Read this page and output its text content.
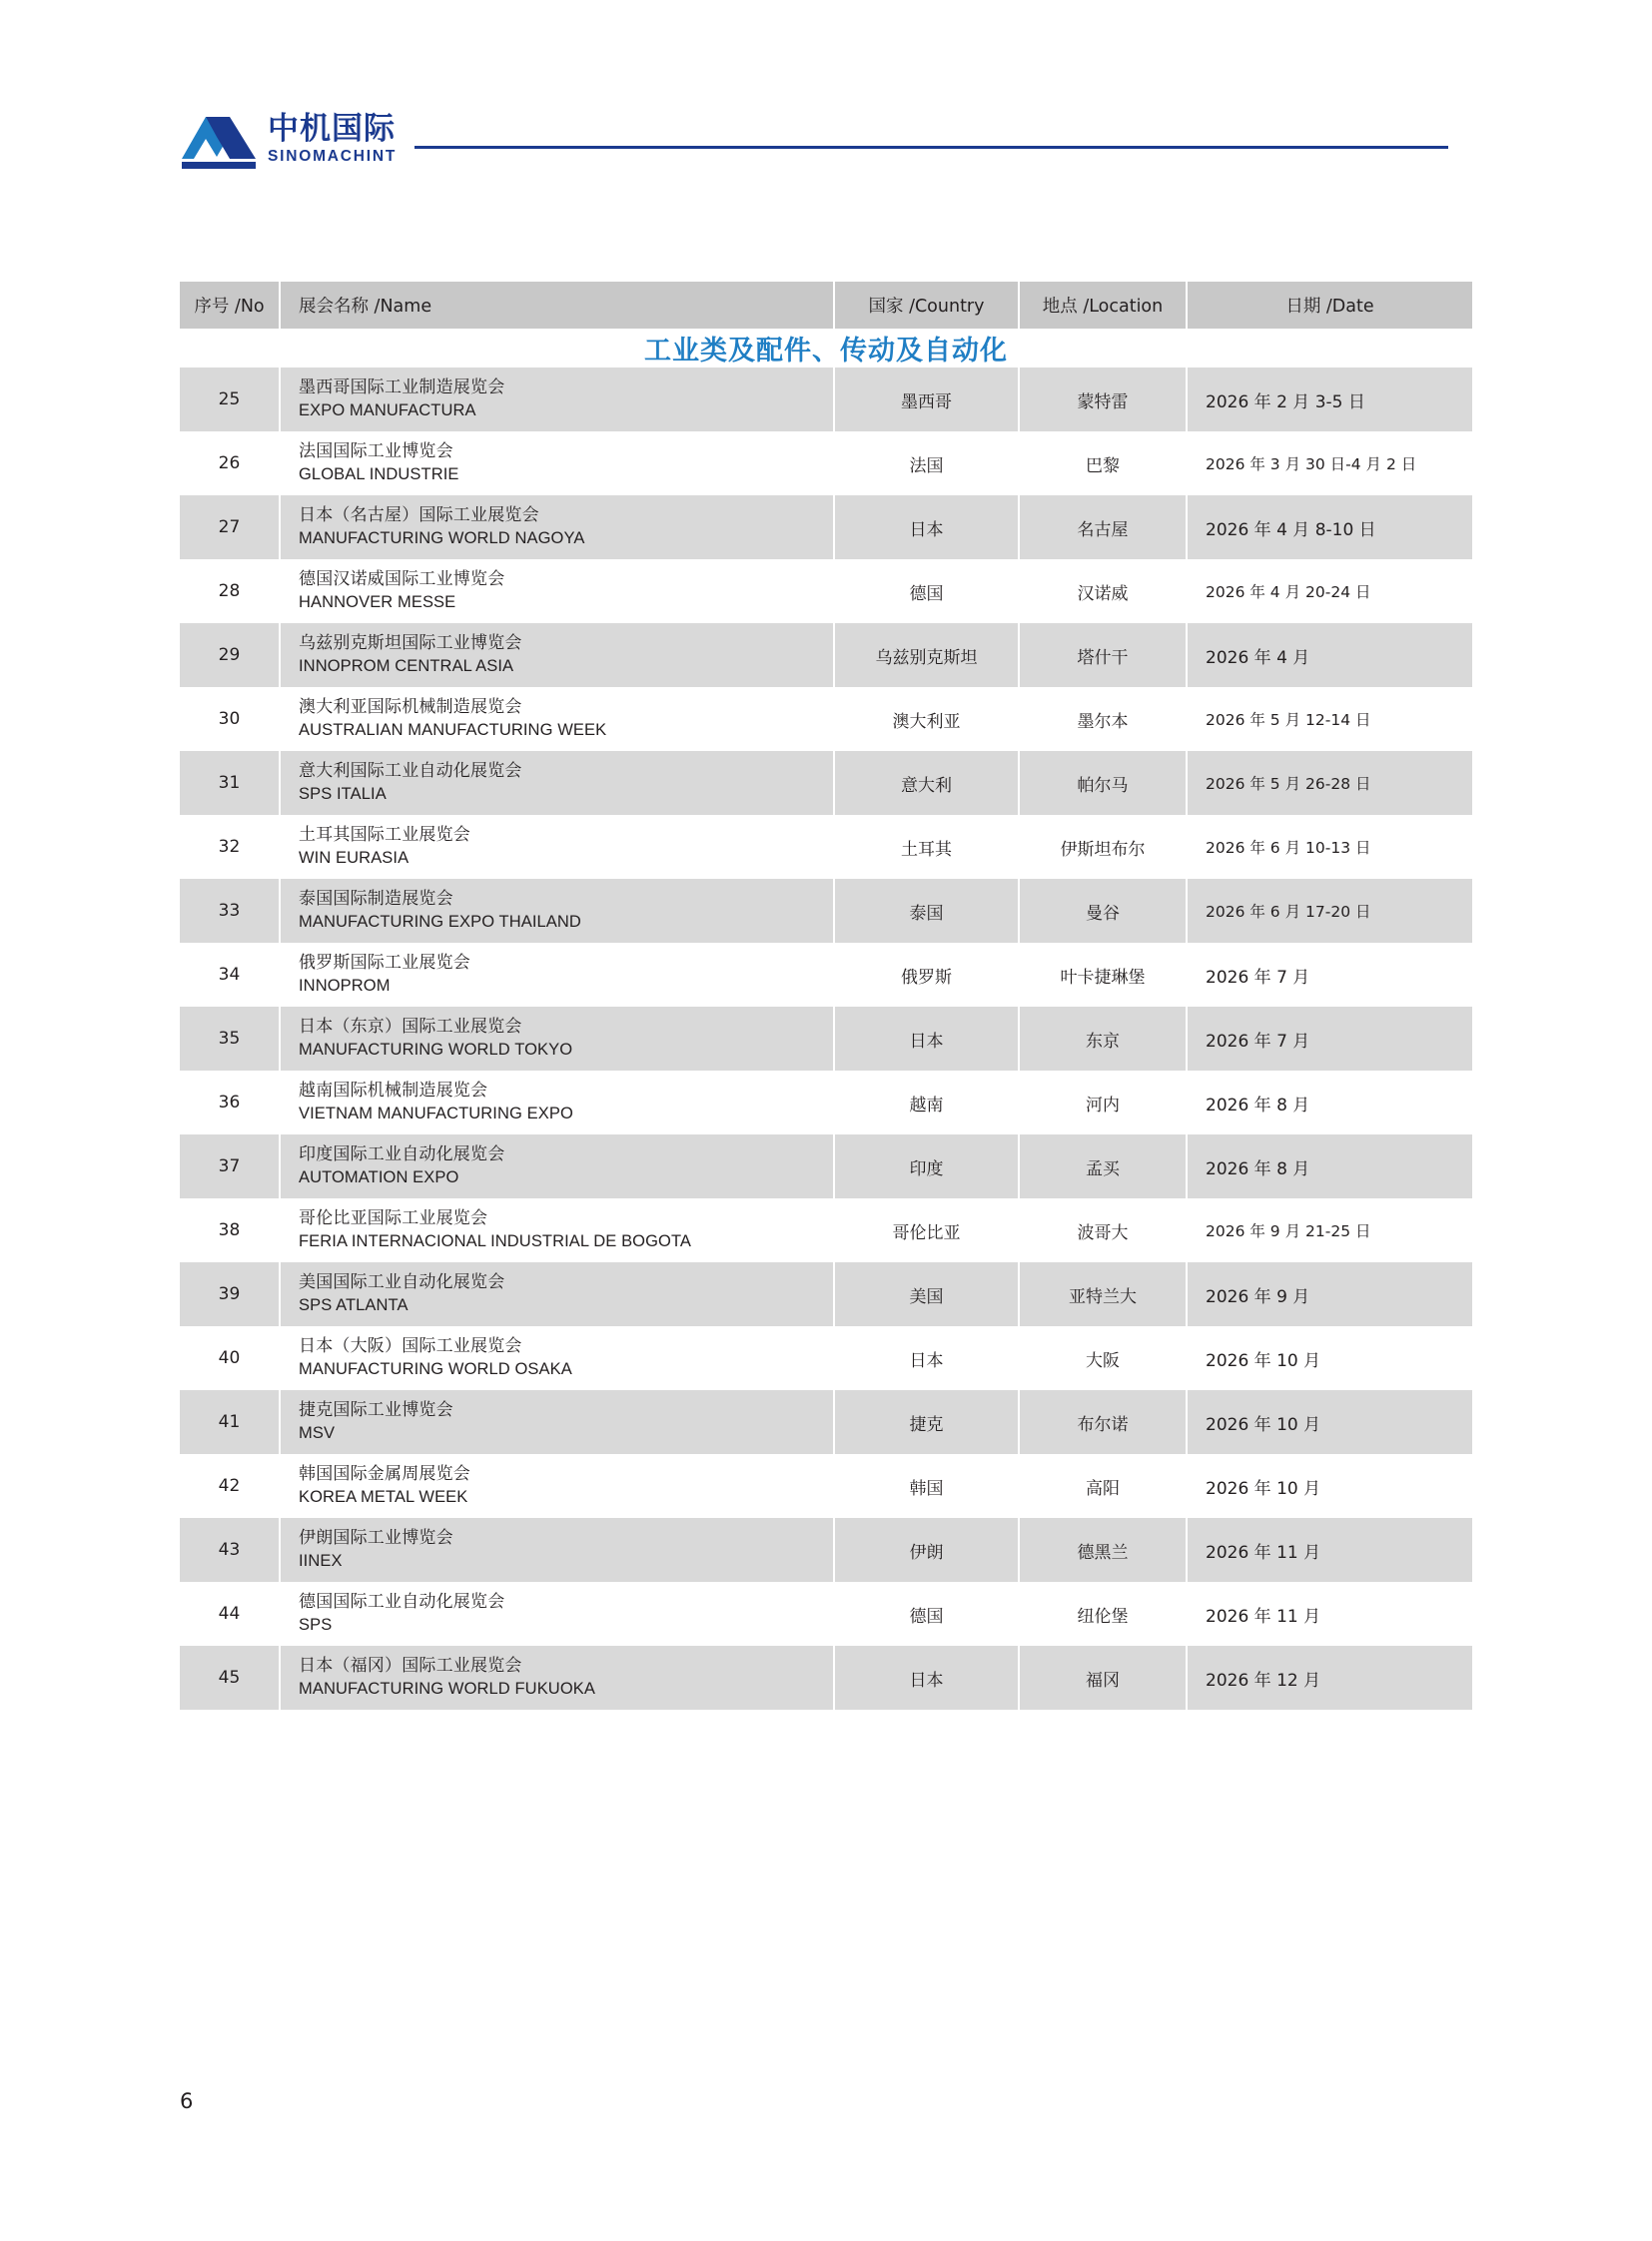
中机国际
SINOMACHINT
序号 /No	展会名称 /Name	国家 /Country	地点 /Location	日期 /Date
工业类及配件、传动及自动化				
25	墨西哥国际工业制造展览会
EXPO MANUFACTURA	墨西哥	蒙特雷	2026 年 2 月 3-5 日
26	法国国际工业博览会
GLOBAL INDUSTRIE	法国	巴黎	2026 年 3 月 30 日-4 月 2 日
27	日本（名古屋）国际工业展览会
MANUFACTURING WORLD NAGOYA	日本	名古屋	2026 年 4 月 8-10 日
28	德国汉诺威国际工业博览会
HANNOVER MESSE	德国	汉诺威	2026 年 4 月 20-24 日
29	乌兹别克斯坦国际工业博览会
INNOPROM CENTRAL ASIA	乌兹别克斯坦	塔什干	2026 年 4 月
30	澳大利亚国际机械制造展览会
AUSTRALIAN MANUFACTURING WEEK	澳大利亚	墨尔本	2026 年 5 月 12-14 日
31	意大利国际工业自动化展览会
SPS ITALIA	意大利	帕尔马	2026 年 5 月 26-28 日
32	土耳其国际工业展览会
WIN EURASIA	土耳其	伊斯坦布尔	2026 年 6 月 10-13 日
33	泰国国际制造展览会
MANUFACTURING EXPO THAILAND	泰国	曼谷	2026 年 6 月 17-20 日
34	俄罗斯国际工业展览会
INNOPROM	俄罗斯	叶卡捷琳堡	2026 年 7 月
35	日本（东京）国际工业展览会
MANUFACTURING WORLD TOKYO	日本	东京	2026 年 7 月
36	越南国际机械制造展览会
VIETNAM MANUFACTURING EXPO	越南	河内	2026 年 8 月
37	印度国际工业自动化展览会
AUTOMATION EXPO	印度	孟买	2026 年 8 月
38	哥伦比亚国际工业展览会
FERIA INTERNACIONAL INDUSTRIAL DE BOGOTA	哥伦比亚	波哥大	2026 年 9 月 21-25 日
39	美国国际工业自动化展览会
SPS ATLANTA	美国	亚特兰大	2026 年 9 月
40	日本（大阪）国际工业展览会
MANUFACTURING WORLD OSAKA	日本	大阪	2026 年 10 月
41	捷克国际工业博览会
MSV	捷克	布尔诺	2026 年 10 月
42	韩国国际金属周展览会
KOREA METAL WEEK	韩国	高阳	2026 年 10 月
43	伊朗国际工业博览会
IINEX	伊朗	德黑兰	2026 年 11 月
44	德国国际工业自动化展览会
SPS	德国	纽伦堡	2026 年 11 月
45	日本（福冈）国际工业展览会
MANUFACTURING WORLD FUKUOKA	日本	福冈	2026 年 12 月
6
